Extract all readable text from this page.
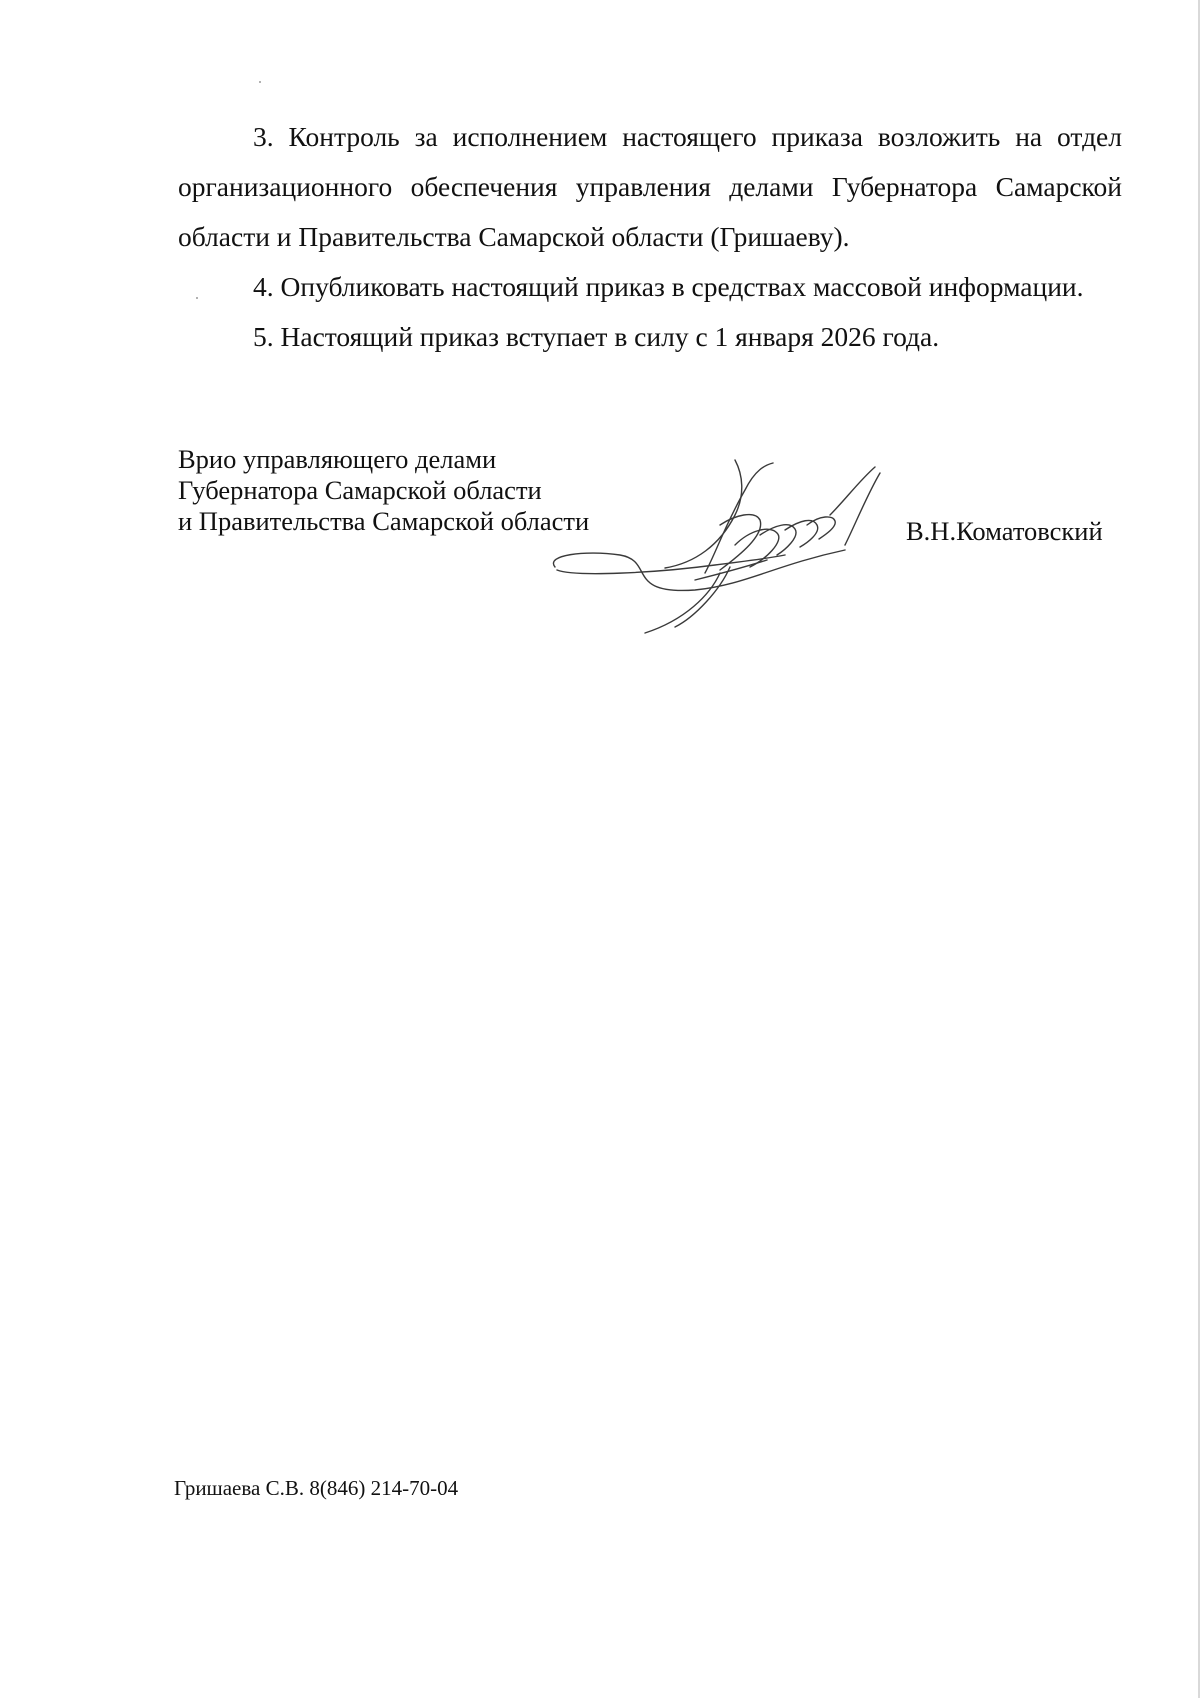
3. Контроль за исполнением настоящего приказа возложить на отдел организационного обеспечения управления делами Губернатора Самарской области и Правительства Самарской области (Гришаеву).

4. Опубликовать настоящий приказ в средствах массовой информации.

5. Настоящий приказ вступает в силу с 1 января 2026 года.

Врио управляющего делами
Губернатора Самарской области
и Правительства Самарской области	В.Н.Коматовский
Гришаева С.В. 8(846) 214-70-04
